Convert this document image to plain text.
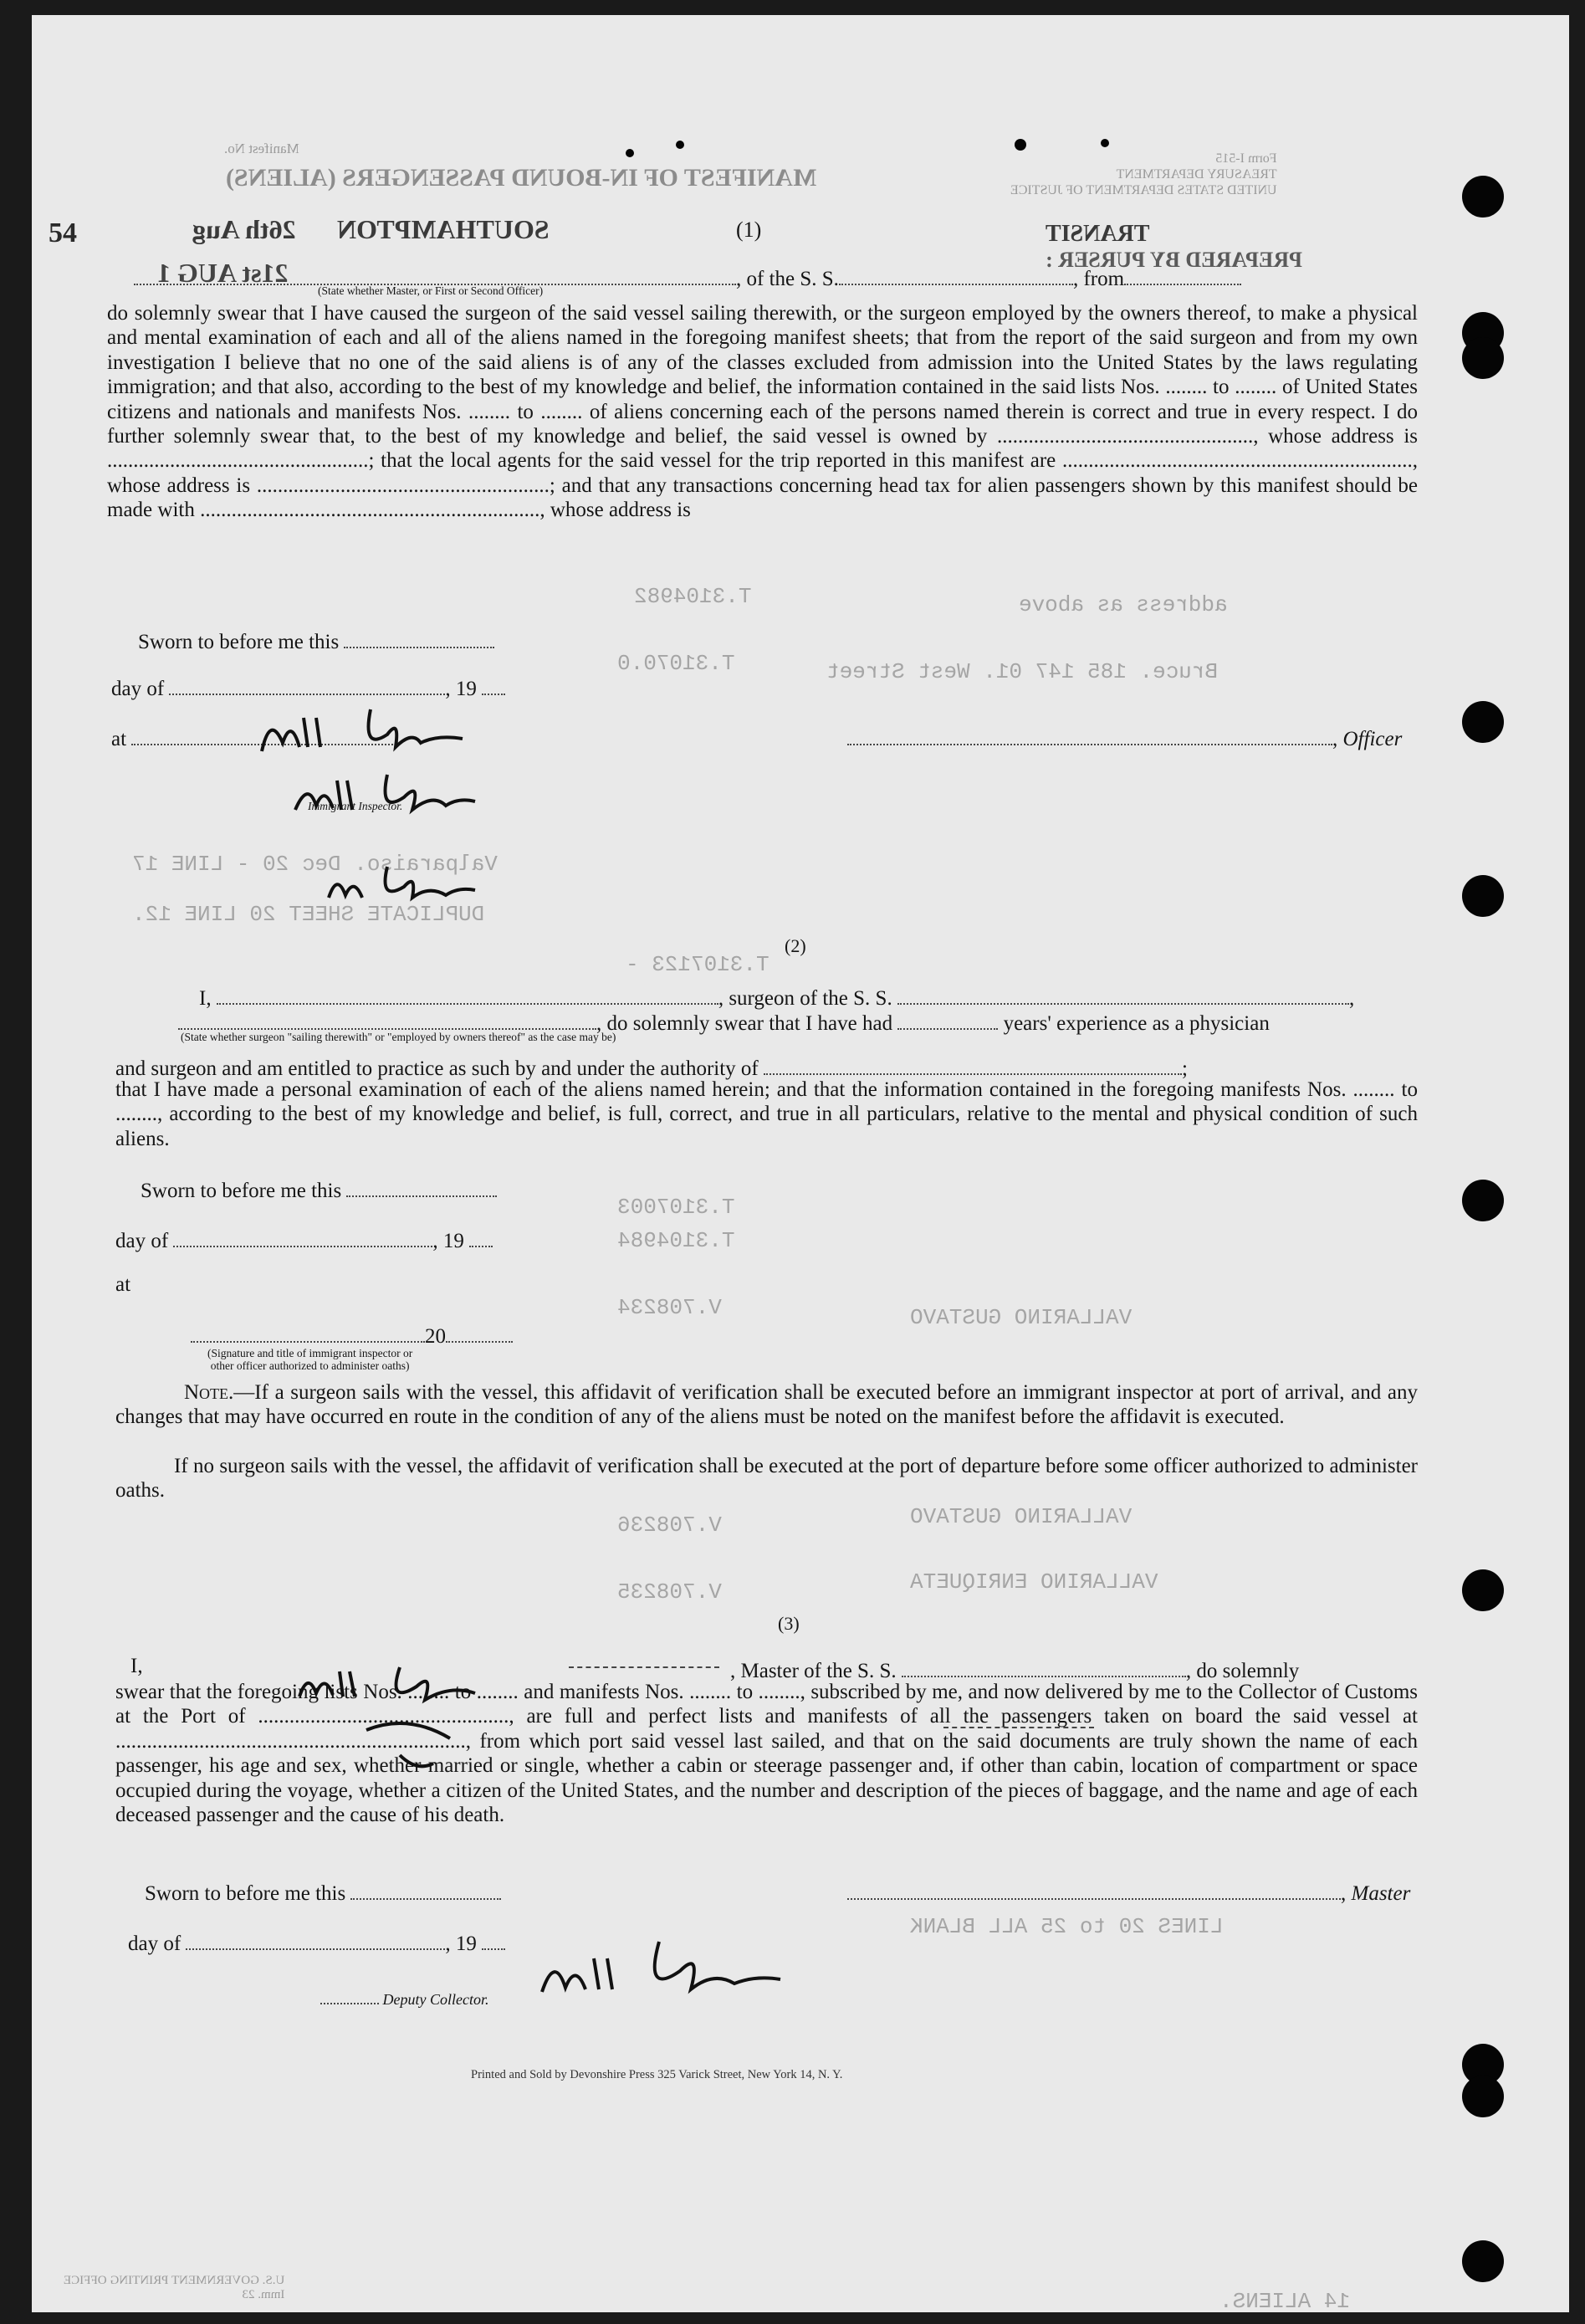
Manifest No.
MANIFEST OF IN-BOUND PASSENGERS (ALIENS)
Form I-515
TREASURY DEPARTMENT
UNITED STATES DEPARTMENT OF JUSTICE
54	26th Aug SOUTHAMPTON	(1)	TRANSIT
PREPARED BY PURSER :
21st AUG 1
T.3104982	address as above
T.31070.0	Bruce. 185 147 01. West Street
Valparaiso. Dec 20 - LINE 17
DUPLICATE SHEET 20 LINE 12.
T.3107123 -
T.3107003
T.3104984
V.708234	VALLARINO GUSTAVO
V.708236	VALLARINO GUSTAVO
V.708235	VALLARINO ENRIQUETA
LINES 20 to 25 ALL BLANK
14 ALIENS.
, of the S. S.	, from
(State whether Master, or First or Second Officer)
do solemnly swear that I have caused the surgeon of the said vessel sailing therewith, or the surgeon employed by the owners thereof, to make a physical and mental examination of each and all of the aliens named in the foregoing manifest sheets; that from the report of the said surgeon and from my own investigation I believe that no one of the said aliens is of any of the classes excluded from admission into the United States by the laws regulating immigration; and that also, according to the best of my knowledge and belief, the information contained in the said lists Nos. ........ to ........ of United States citizens and nationals and manifests Nos. ........ to ........ of aliens concerning each of the persons named therein is correct and true in every respect. I do further solemnly swear that, to the best of my knowledge and belief, the said vessel is owned by ................................................., whose address is ..................................................; that the local agents for the said vessel for the trip reported in this manifest are ..................................................................., whose address is ........................................................; and that any transactions concerning head tax for alien passengers shown by this manifest should be made with ................................................................., whose address is
Sworn to before me this
day of	, 19
at	, Officer
Immigrant Inspector.
(2)
I,	, surgeon of the S. S.	,
, do solemnly swear that I have had	years' experience as a physician
(State whether surgeon "sailing therewith" or "employed by owners thereof" as the case may be)
and surgeon and am entitled to practice as such by and under the authority of	;
that I have made a personal examination of each of the aliens named herein; and that the information contained in the foregoing manifests Nos. ........ to ........, according to the best of my knowledge and belief, is full, correct, and true in all particulars, relative to the mental and physical condition of such aliens.
Sworn to before me this
day of	, 19
at
20
(Signature and title of immigrant inspector or
other officer authorized to administer oaths)

Note.—If a surgeon sails with the vessel, this affidavit of verification shall be executed before an immigrant inspector at port of arrival, and any changes that may have occurred en route in the condition of any of the aliens must be noted on the manifest before the affidavit is executed.
If no surgeon sails with the vessel, the affidavit of verification shall be executed at the port of departure before some officer authorized to administer oaths.
(3)
I,	, Master of the S. S.	, do solemnly
swear that the foregoing lists Nos. ........ to ........ and manifests Nos. ........ to ........, subscribed by me, and now delivered by me to the Collector of Customs at the Port of ................................................, are full and perfect lists and manifests of all the passengers taken on board the said vessel at ..................................................................., from which port said vessel last sailed, and that on the said documents are truly shown the name of each passenger, his age and sex, whether married or single, whether a cabin or steerage passenger and, if other than cabin, location of compartment or space occupied during the voyage, whether a citizen of the United States, and the number and description of the pieces of baggage, and the name and age of each deceased passenger and the cause of his death.
Sworn to before me this	, Master
day of	, 19
Deputy Collector.
Printed and Sold by Devonshire Press 325 Varick Street, New York 14, N. Y.
U.S. GOVERNMENT PRINTING OFFICE
Imm. 23
